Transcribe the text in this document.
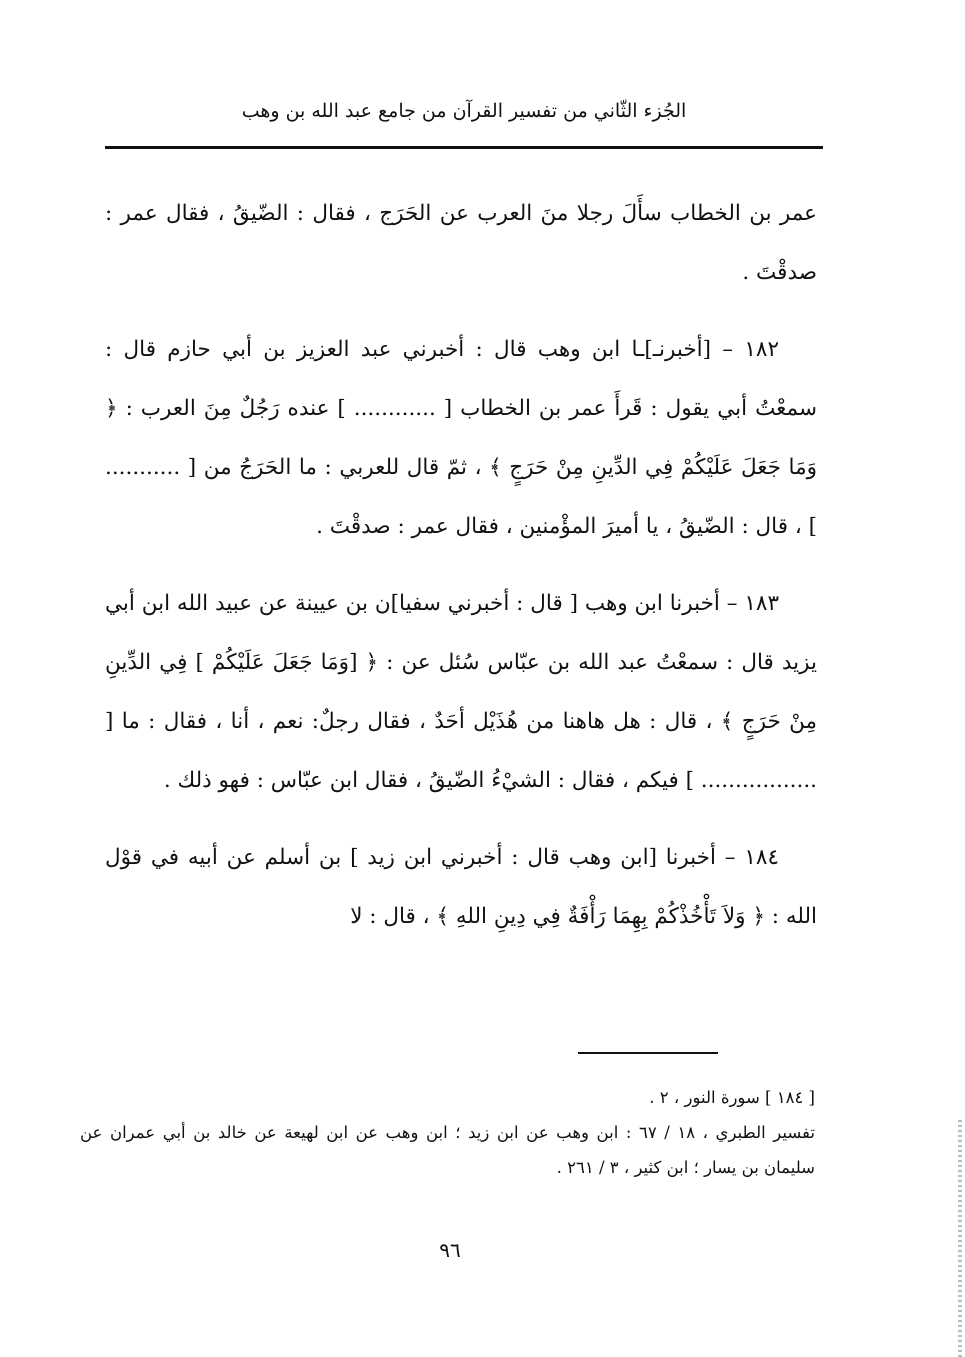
الجُزء الثّاني من تفسير القرآن من جامع عبد الله بن وهب

عمر بن الخطاب سأَلَ رجلا منَ العرب عن الحَرَج ، فقال : الضّيقُ ، فقال عمر : صدقْتَ .

١٨٢ – [أخبرنـ]ـا ابن وهب قال : أخبرني عبد العزيز بن أبي حازم قال : سمعْتُ أبي يقول : قَرأَ عمر بن الخطاب [ ............ ] عنده رَجُلٌ مِنَ العرب : ﴿ وَمَا جَعَلَ عَلَيْكُمْ فِي الدِّينِ مِنْ حَرَجٍ ﴾ ، ثمّ قال للعربي : ما الحَرَجُ من [ ........... ] ، قال : الضّيقُ ، يا أميرَ المؤْمنين ، فقال عمر : صدقْتَ .

١٨٣ – أخبرنا ابن وهب [ قال : أخبرني سفيا]ن بن عيينة عن عبيد الله ابن أبي يزيد قال : سمعْتُ عبد الله بن عبّاس سُئل عن : ﴿ [وَمَا جَعَلَ عَلَيْكُمْ ] فِي الدِّينِ مِنْ حَرَجٍ ﴾ ، قال : هل هاهنا من هُذَيْل أحَدٌ ، فقال رجلٌ: نعم ، أنا ، فقال : ما [ ................. ] فيكم ، فقال : الشيْءُ الضّيقُ ، فقال ابن عبّاس : فهو ذلك .

١٨٤ – أخبرنا [ابن وهب قال : أخبرني ابن زيد ] بن أسلم عن أبيه في قوْل الله : ﴿ وَلاَ تَأْخُذْكُمْ بِهِمَا رَأْفَةٌ فِي دِينِ اللهِ ﴾ ، قال : لا

[ ١٨٤ ] سورة النور ، ٢ .

تفسير الطبري ، ١٨ / ٦٧ : ابن وهب عن ابن زيد ؛ ابن وهب عن ابن لهيعة عن خالد بن أبي عمران عن سليمان بن يسار ؛ ابن كثير ، ٣ / ٢٦١ .

٩٦
